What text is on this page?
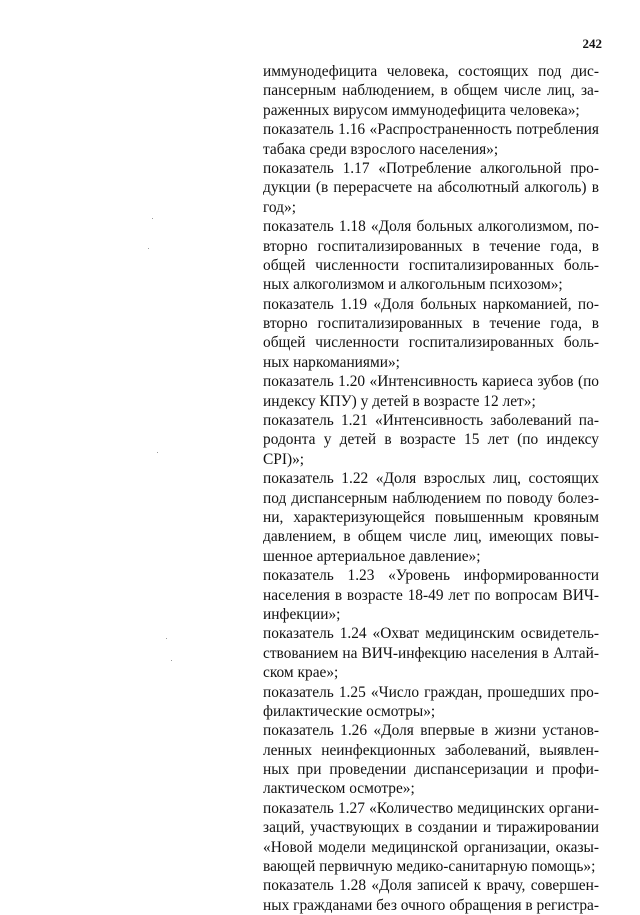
242
иммунодефицита человека, состоящих под дис-
пансерным наблюдением, в общем числе лиц, за-
раженных вирусом иммунодефицита человека»;
показатель 1.16 «Распространенность потребления
табака среди взрослого населения»;
показатель 1.17 «Потребление алкогольной про-
дукции (в перерасчете на абсолютный алкоголь) в
год»;
показатель 1.18 «Доля больных алкоголизмом, по-
вторно госпитализированных в течение года, в
общей численности госпитализированных боль-
ных алкоголизмом и алкогольным психозом»;
показатель 1.19 «Доля больных наркоманией, по-
вторно госпитализированных в течение года, в
общей численности госпитализированных боль-
ных наркоманиями»;
показатель 1.20 «Интенсивность кариеса зубов (по
индексу КПУ) у детей в возрасте 12 лет»;
показатель 1.21 «Интенсивность заболеваний па-
родонта у детей в возрасте 15 лет (по индексу
CPI)»;
показатель 1.22 «Доля взрослых лиц, состоящих
под диспансерным наблюдением по поводу болез-
ни, характеризующейся повышенным кровяным
давлением, в общем числе лиц, имеющих повы-
шенное артериальное давление»;
показатель 1.23 «Уровень информированности
населения в возрасте 18-49 лет по вопросам ВИЧ-
инфекции»;
показатель 1.24 «Охват медицинским освидетель-
ствованием на ВИЧ-инфекцию населения в Алтай-
ском крае»;
показатель 1.25 «Число граждан, прошедших про-
филактические осмотры»;
показатель 1.26 «Доля впервые в жизни установ-
ленных неинфекционных заболеваний, выявлен-
ных при проведении диспансеризации и профи-
лактическом осмотре»;
показатель 1.27 «Количество медицинских органи-
заций, участвующих в создании и тиражировании
«Новой модели медицинской организации, оказы-
вающей первичную медико-санитарную помощь»;
показатель 1.28 «Доля записей к врачу, совершен-
ных гражданами без очного обращения в регистра-
